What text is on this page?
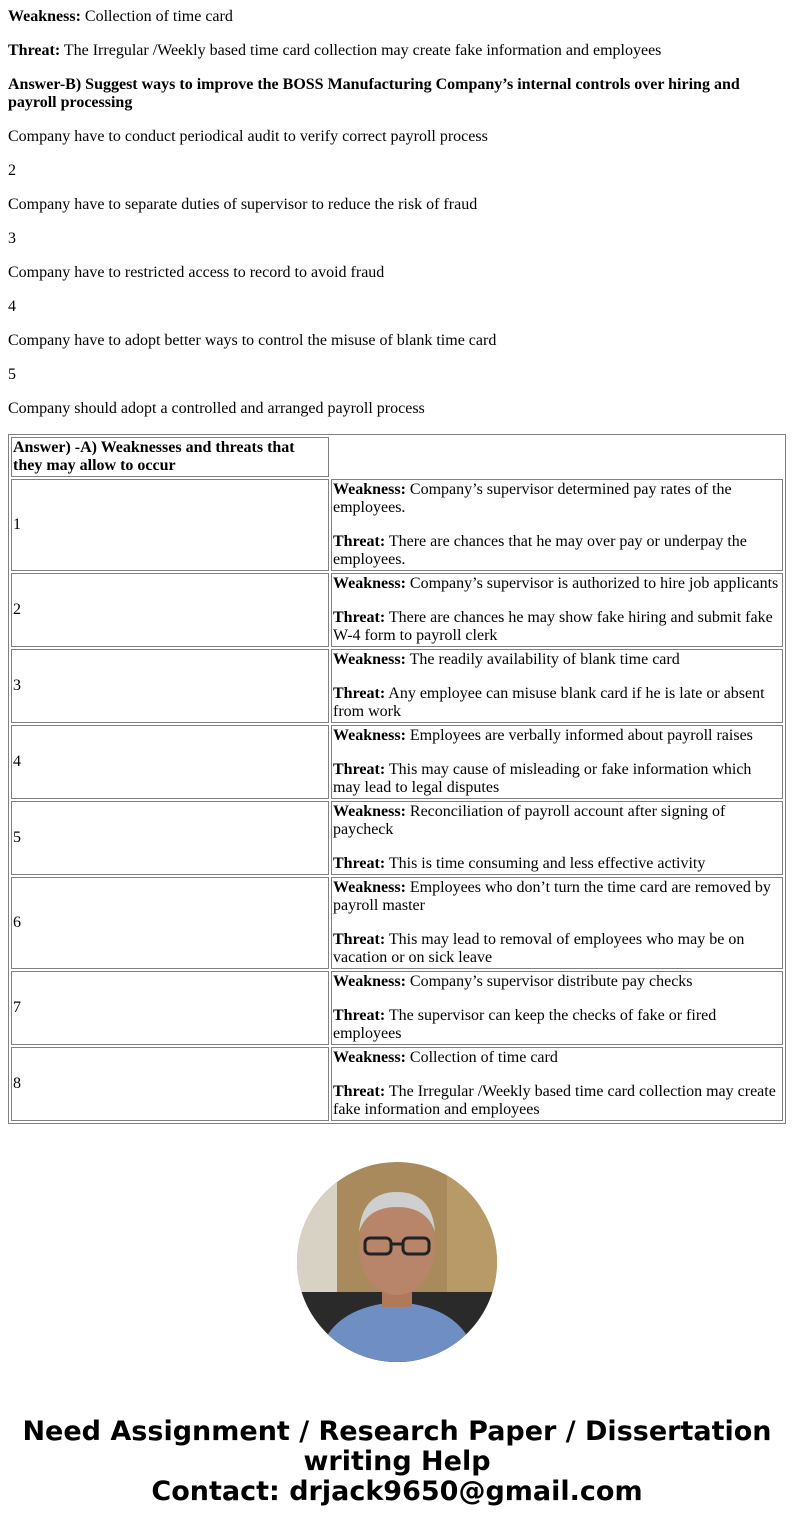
Weakness: Collection of time card

Threat: The Irregular /Weekly based time card collection may create fake information and employees

Answer-B) Suggest ways to improve the BOSS Manufacturing Company’s internal controls over hiring and payroll processing

Company have to conduct periodical audit to verify correct payroll process

2

Company have to separate duties of supervisor to reduce the risk of fraud

3

Company have to restricted access to record to avoid fraud

4

Company have to adopt better ways to control the misuse of blank time card

5

Company should adopt a controlled and arranged payroll process

Answer) -A) Weaknesses and threats that they may allow to occur	
1	Weakness: Company’s supervisor determined pay rates of the employees.

Threat: There are chances that he may over pay or underpay the employees.

2	Weakness: Company’s supervisor is authorized to hire job applicants

Threat: There are chances he may show fake hiring and submit fake W-4 form to payroll clerk

3	Weakness: The readily availability of blank time card

Threat: Any employee can misuse blank card if he is late or absent from work

4	Weakness: Employees are verbally informed about payroll raises

Threat: This may cause of misleading or fake information which may lead to legal disputes

5	Weakness: Reconciliation of payroll account after signing of paycheck

Threat: This is time consuming and less effective activity

6	Weakness: Employees who don’t turn the time card are removed by payroll master

Threat: This may lead to removal of employees who may be on vacation or on sick leave

7	Weakness: Company’s supervisor distribute pay checks

Threat: The supervisor can keep the checks of fake or fired employees

8	Weakness: Collection of time card

Threat: The Irregular /Weekly based time card collection may create fake information and employees

Need Assignment / Research Paper / Dissertation writing Help
Contact: drjack9650@gmail.com
